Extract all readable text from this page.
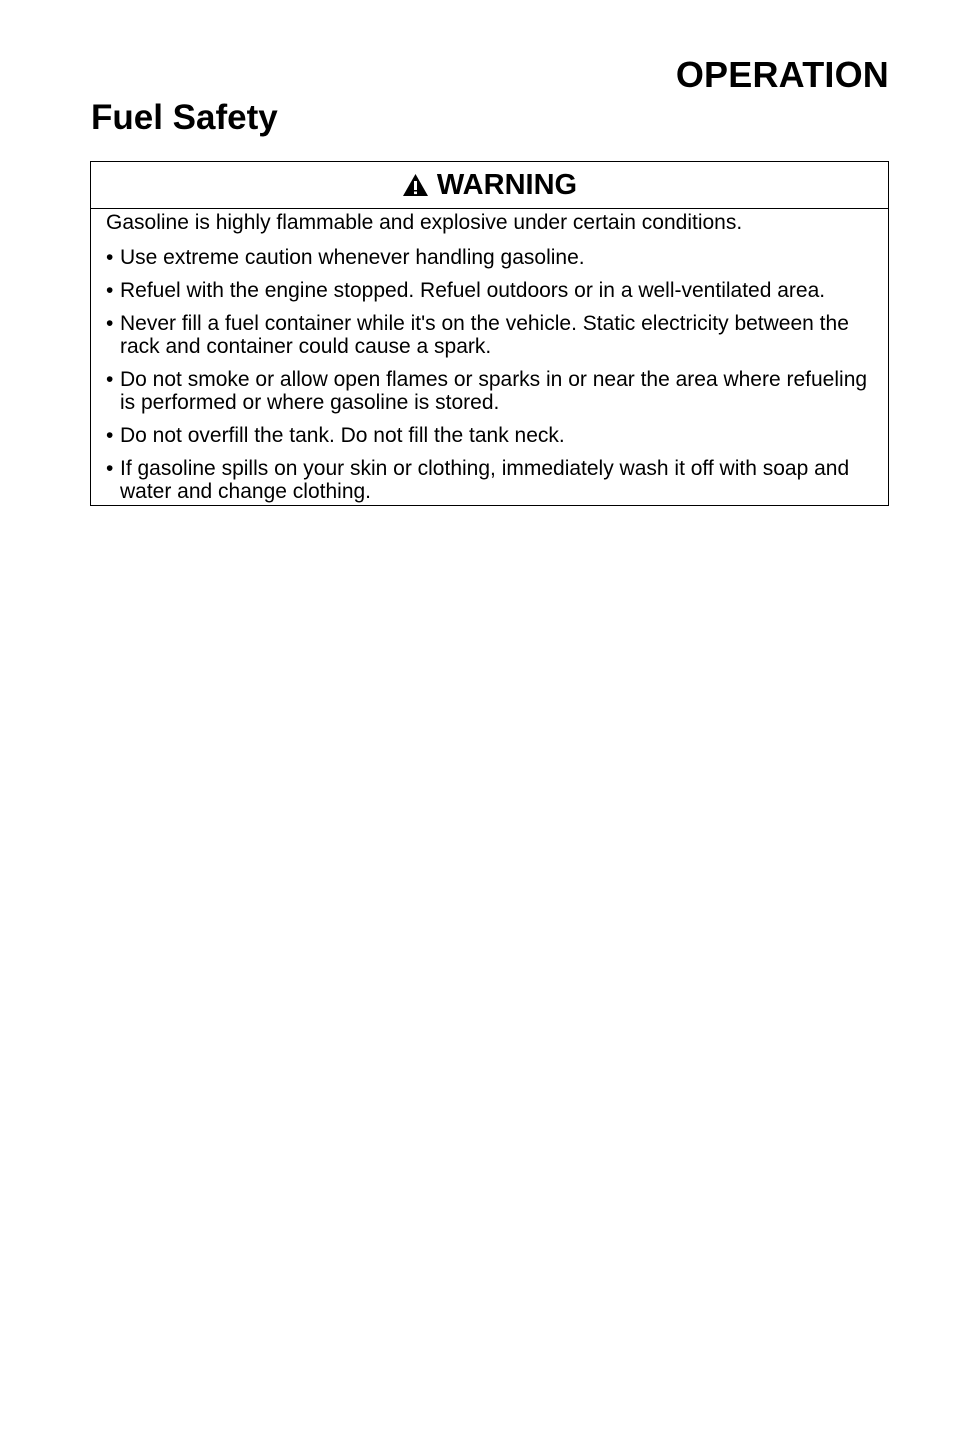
OPERATION
Fuel Safety
WARNING

Gasoline is highly flammable and explosive under certain conditions.

• Use extreme caution whenever handling gasoline.
• Refuel with the engine stopped. Refuel outdoors or in a well-ventilated area.
• Never fill a fuel container while it's on the vehicle. Static electricity between the rack and container could cause a spark.
• Do not smoke or allow open flames or sparks in or near the area where refueling is performed or where gasoline is stored.
• Do not overfill the tank. Do not fill the tank neck.
• If gasoline spills on your skin or clothing, immediately wash it off with soap and water and change clothing.
